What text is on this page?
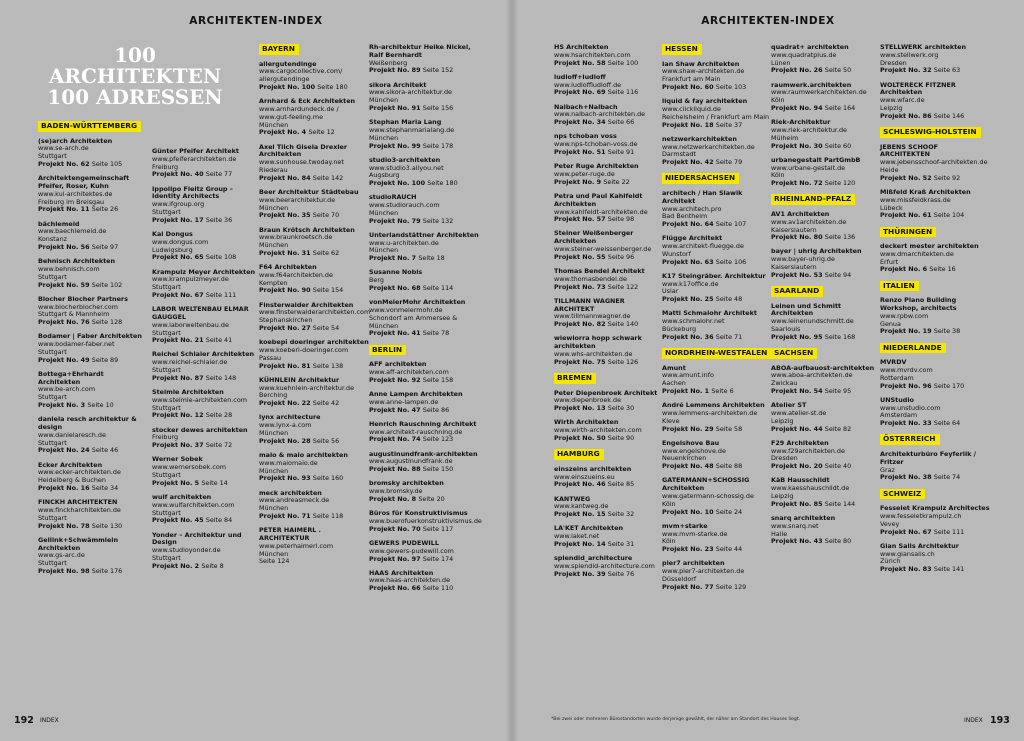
ARCHITEKTEN-INDEX
100 ARCHITEKTEN
100 ADRESSEN
192 INDEX
ARCHITEKTEN-INDEX
INDEX 193
*Bei zwei oder mehreren Bürostandorten wurde derjenige gewählt, der näher am Standort des Hauses liegt.
BADEN-WÜRTTEMBERG
(se)arch Architekten
www.se-arch.de
Stuttgart
Projekt No. 62 Seite 105
Architektengemeinschaft Pfeifer, Roser, Kuhn
www.kul-architektes.de
Freiburg im Breisgau
Projekt No. 11 Seite 26
bächlemeid
www.baechlemeid.de
Konstanz
Projekt No. 56 Seite 97
Behnisch Architekten
www.behnisch.com
Stuttgart
Projekt No. 59 Seite 102
Blocher Blocher Partners
www.blocherblocher.com
Stuttgart & Mannheim
Projekt No. 76 Seite 128
Bodamer | Faber Architekten
www.bodamer-faber.net
Stuttgart
Projekt No. 49 Seite 89
Bottega+Ehrhardt Architekten
www.be-arch.com
Stuttgart
Projekt No. 3 Seite 10
daniela resch architektur & design
www.danielaresch.de
Stuttgart
Projekt No. 24 Seite 46
Ecker Architekten
www.ecker-architekten.de
Heidelberg & Buchen
Projekt No. 16 Seite 34
FINCKH ARCHITEKTEN
www.finckharchitekten.de
Stuttgart
Projekt No. 78 Seite 130
Gellink+Schwämmlein Architekten
www.gs-arc.de
Stuttgart
Projekt No. 98 Seite 176
Günter Pfeifer Architekt
www.pfeiferarchitekten.de
Freiburg
Projekt No. 40 Seite 77
Ippolipo Fleitz Group – Identity Architects
www.ifgroup.org
Stuttgart
Projekt No. 17 Seite 36
Kai Dongus
www.dongus.com
Ludwigsburg
Projekt No. 65 Seite 108
Krampulz Meyer Architekten
www.krampulzmeyer.de
Stuttgart
Projekt No. 67 Seite 111
LABOR WELTENBAU ELMAR GAUGGEL
www.laborweltenbau.de
Stuttgart
Projekt No. 21 Seite 41
Reichel Schlaier Architekten
www.reichel-schlaier.de
Stuttgart
Projekt No. 87 Seite 148
Steimle Architekten
www.steimle-architekten.com
Stuttgart
Projekt No. 12 Seite 28
stocker dewes architekten
Freiburg
Projekt No. 37 Seite 72
Werner Sobek
www.wernersobek.com
Stuttgart
Projekt No. 5 Seite 14
wulf architekten
www.wulfarchitekten.com
Stuttgart
Projekt No. 45 Seite 84
Yonder – Architektur und Design
www.studioyonder.de
Stuttgart
Projekt No. 2 Seite 8
BAYERN
allergutendinge
www.cargocollective.com/
allergutendinge
Projekt No. 100 Seite 180
Arnhard & Eck Architekten
www.arnhardundeck.de /
www.gut-feeling.me
München
Projekt No. 4 Seite 12
Axel Tilch Gisela Drexler Architekten
www.sunhouse.twoday.net
Riederau
Projekt No. 84 Seite 142
Beer Architektur Städtebau
www.beerarchitektur.de
München
Projekt No. 35 Seite 70
Braun Krötsch Architekten
www.braunkroetsch.de
München
Projekt No. 31 Seite 62
F64 Architekten
www.f64architekten.de
Kempten
Projekt No. 90 Seite 154
Finsterwalder Architekten
www.finsterwalderarchitekten.com
Stephanskirchen
Projekt No. 27 Seite 54
koebері doeringer architekten
www.koeberl-doeringer.com
Passau
Projekt No. 81 Seite 138
KÜHNLEIN Architektur
www.kuehnlein-architektur.de
Berching
Projekt No. 22 Seite 42
lynx architecture
www.lynx-a.com
München
Projekt No. 28 Seite 56
maio & maio architekten
www.maiomaio.de
München
Projekt No. 93 Seite 160
meck architekten
www.andreasmeck.de
München
Projekt No. 71 Seite 118
PETER HAIMERL . ARCHITEKTUR
www.peterhaimerl.com
München
Seite 124
Rh-architektur Heike Nickel, Ralf Bernhardt
Weißenberg
Projekt No. 89 Seite 152
sikora Architekt
www.sikora-architektur.de
München
Projekt No. 91 Seite 156
Stephan Maria Lang
www.stephanmarialang.de
München
Projekt No. 99 Seite 178
studio3-architekten
www.studio3.allyou.net
Augsburg
Projekt No. 100 Seite 180
studioRAUCH
www.studiorauch.com
München
Projekt No. 79 Seite 132
Unterlandstättner Architekten
www.u-architekten.de
München
Projekt No. 7 Seite 18
Susanne Nobis
Berg
Projekt No. 68 Seite 114
vonMeierMohr Architekten
www.vonmeiermohr.de
Schondorf am Ammersee &
München
Projekt No. 41 Seite 78
BERLIN
AFF architekten
www.aff-architekten.com
Projekt No. 92 Seite 158
Anne Lampen Architekten
www.anne-lampen.de
Projekt No. 47 Seite 86
Henrich Rauschning Architekt
www.architekt-rauschning.de
Projekt No. 74 Seite 123
augustinundfrank-architekten
www.augustinundfrank.de
Projekt No. 88 Seite 150
bromsky architekten
www.bromsky.de
Projekt No. 8 Seite 20
Büros für Konstruktivismus
www.buerofuerkonstruktivismus.de
Projekt No. 70 Seite 117
GEWERS PUDEWILL
www.gewers-pudewill.com
Projekt No. 97 Seite 174
HAAS Architekten
www.haas-architekten.de
Projekt No. 66 Seite 110
HS Architekten
www.hsarchitekten.com
Projekt No. 58 Seite 100
ludloff+ludloff
www.ludloffludloff.de
Projekt No. 69 Seite 116
Nalbach+Nalbach
www.nalbach-architekten.de
Projekt No. 34 Seite 66
nps tchoban voss
www.nps-tchoban-voss.de
Projekt No. 51 Seite 91
Peter Ruge Architekten
www.peter-ruge.de
Projekt No. 9 Seite 22
Petra und Paul Kahlfeldt Architekten
www.kahlfeldt-architekten.de
Projekt No. 57 Seite 98
Steiner Weißenberger Architekten
www.steiner-weissenberger.de
Projekt No. 55 Seite 96
Thomas Bendel Architekt
www.thomasbendel.de
Projekt No. 73 Seite 122
TILLMANN WAGNER ARCHITEKT
www.tillmannwagner.de
Projekt No. 82 Seite 140
wiewiorra hopp schwark architekten
www.whs-architekten.de
Projekt No. 75 Seite 126
BREMEN
Peter Diepenbroek Architekt
www.diepenbroek.de
Projekt No. 13 Seite 30
Wirth Architekten
www.wirth-architekten.com
Projekt No. 50 Seite 90
HAMBURG
einszeins architekten
www.einszueins.eu
Projekt No. 46 Seite 85
KANTWEG
www.kantweg.de
Projekt No. 15 Seite 32
LA'KET Architekten
www.laket.net
Projekt No. 14 Seite 31
splendid_architecture
www.splendid-architecture.com
Projekt No. 39 Seite 76
HESSEN
Ian Shaw Architekten
www.shaw-architekten.de
Frankfurt am Main
Projekt No. 60 Seite 103
liquid & fay architekten
www.clickliquid.de
Reichelsheim / Frankfurt am Main
Projekt No. 18 Seite 37
netzwerkarchitekten
www.netzwerkarchitekten.de
Darmstadt
Projekt No. 42 Seite 79
NIEDERSACHSEN
architech / Han Slawik Architekt
www.architech.pro
Bad Bentheim
Projekt No. 64 Seite 107
Flügge Architekt
www.architekt-fluegge.de
Wunstorf
Projekt No. 63 Seite 106
K17 Steingräber. Architektur
www.k17office.de
Uslar
Projekt No. 25 Seite 48
Matti Schmalohr Architekt
www.schmalohr.net
Bückeburg
Projekt No. 36 Seite 71
NORDRHEIN-WESTFALEN
Amunt
www.amunt.info
Aachen
Projekt No. 1 Seite 6
André Lemmens Architekten
www.lemmens-architekten.de
Kleve
Projekt No. 29 Seite 58
Engelshove Bau
www.engelshove.de
Neuenkirchen
Projekt No. 48 Seite 88
GATERMANN+SCHOSSIG Architekten
www.gatermann-schossig.de
Köln
Projekt No. 10 Seite 24
mvm+starke
www.mvm-starke.de
Köln
Projekt No. 23 Seite 44
pier7 architekten
www.pier7-architekten.de
Düsseldorf
Projekt No. 77 Seite 129
quadrat+ architekten
www.quadratplus.de
Lünen
Projekt No. 26 Seite 50
raumwerk.architekten
www.raumwerkarchitekten.de
Köln
Projekt No. 94 Seite 164
Riek-Architektur
www.riek-architektur.de
Mülheim
Projekt No. 30 Seite 60
urbanegestalt PartGmbB
www.urbane-gestalt.de
Köln
Projekt No. 72 Seite 120
RHEINLAND-PFALZ
AV1 Architekten
www.av1architekten.de
Kaiserslautern
Projekt No. 80 Seite 136
bayer | uhrig Architekten
www.bayer-uhrig.de
Kaiserslautern
Projekt No. 53 Seite 94
SAARLAND
Leinen und Schmitt Architekten
www.leinenundschmitt.de
Saarlouis
Projekt No. 95 Seite 168
SACHSEN
ABOA-aufbauost-architekten
www.aboa-architekten.de
Zwickau
Projekt No. 54 Seite 95
Atelier ST
www.atelier-st.de
Leipzig
Projekt No. 44 Seite 82
F29 Architekten
www.f29architekten.de
Dresden
Projekt No. 20 Seite 40
KäB Hausschildt
www.kaesshauschildt.de
Leipzig
Projekt No. 85 Seite 144
snarq architekten
www.snarq.net
Halle
Projekt No. 43 Seite 80
STELLWERK architekten
www.stellwerk.org
Dresden
Projekt No. 32 Seite 63
WOLTERECK FITZNER Architekten
www.wfarc.de
Leipzig
Projekt No. 86 Seite 146
SCHLESWIG-HOLSTEIN
JEBENS SCHOOF ARCHITEKTEN
www.jebensschoof-architekten.de
Heide
Projekt No. 52 Seite 92
Mißfeld Kraß Architekten
www.missfeldkrass.de
Lübeck
Projekt No. 61 Seite 104
THÜRINGEN
deckert mester architekten
www.dmarchitekten.de
Erfurt
Projekt No. 6 Seite 16
ITALIEN
Renzo Piano Building Workshop, architects
www.rpbw.com
Genua
Projekt No. 19 Seite 38
NIEDERLANDE
MVRDV
www.mvrdv.com
Rotterdam
Projekt No. 96 Seite 170
UNStudio
www.unstudio.com
Amsterdam
Projekt No. 33 Seite 64
ÖSTERREICH
Architekturbüro Feyferlik / Fritzer
Graz
Projekt No. 38 Seite 74
SCHWEIZ
Fesselet Krampulz Architectes
www.fesseletkrampulz.ch
Vevey
Projekt No. 67 Seite 111
Gian Salis Architektur
www.giansalis.ch
Zürich
Projekt No. 83 Seite 141
